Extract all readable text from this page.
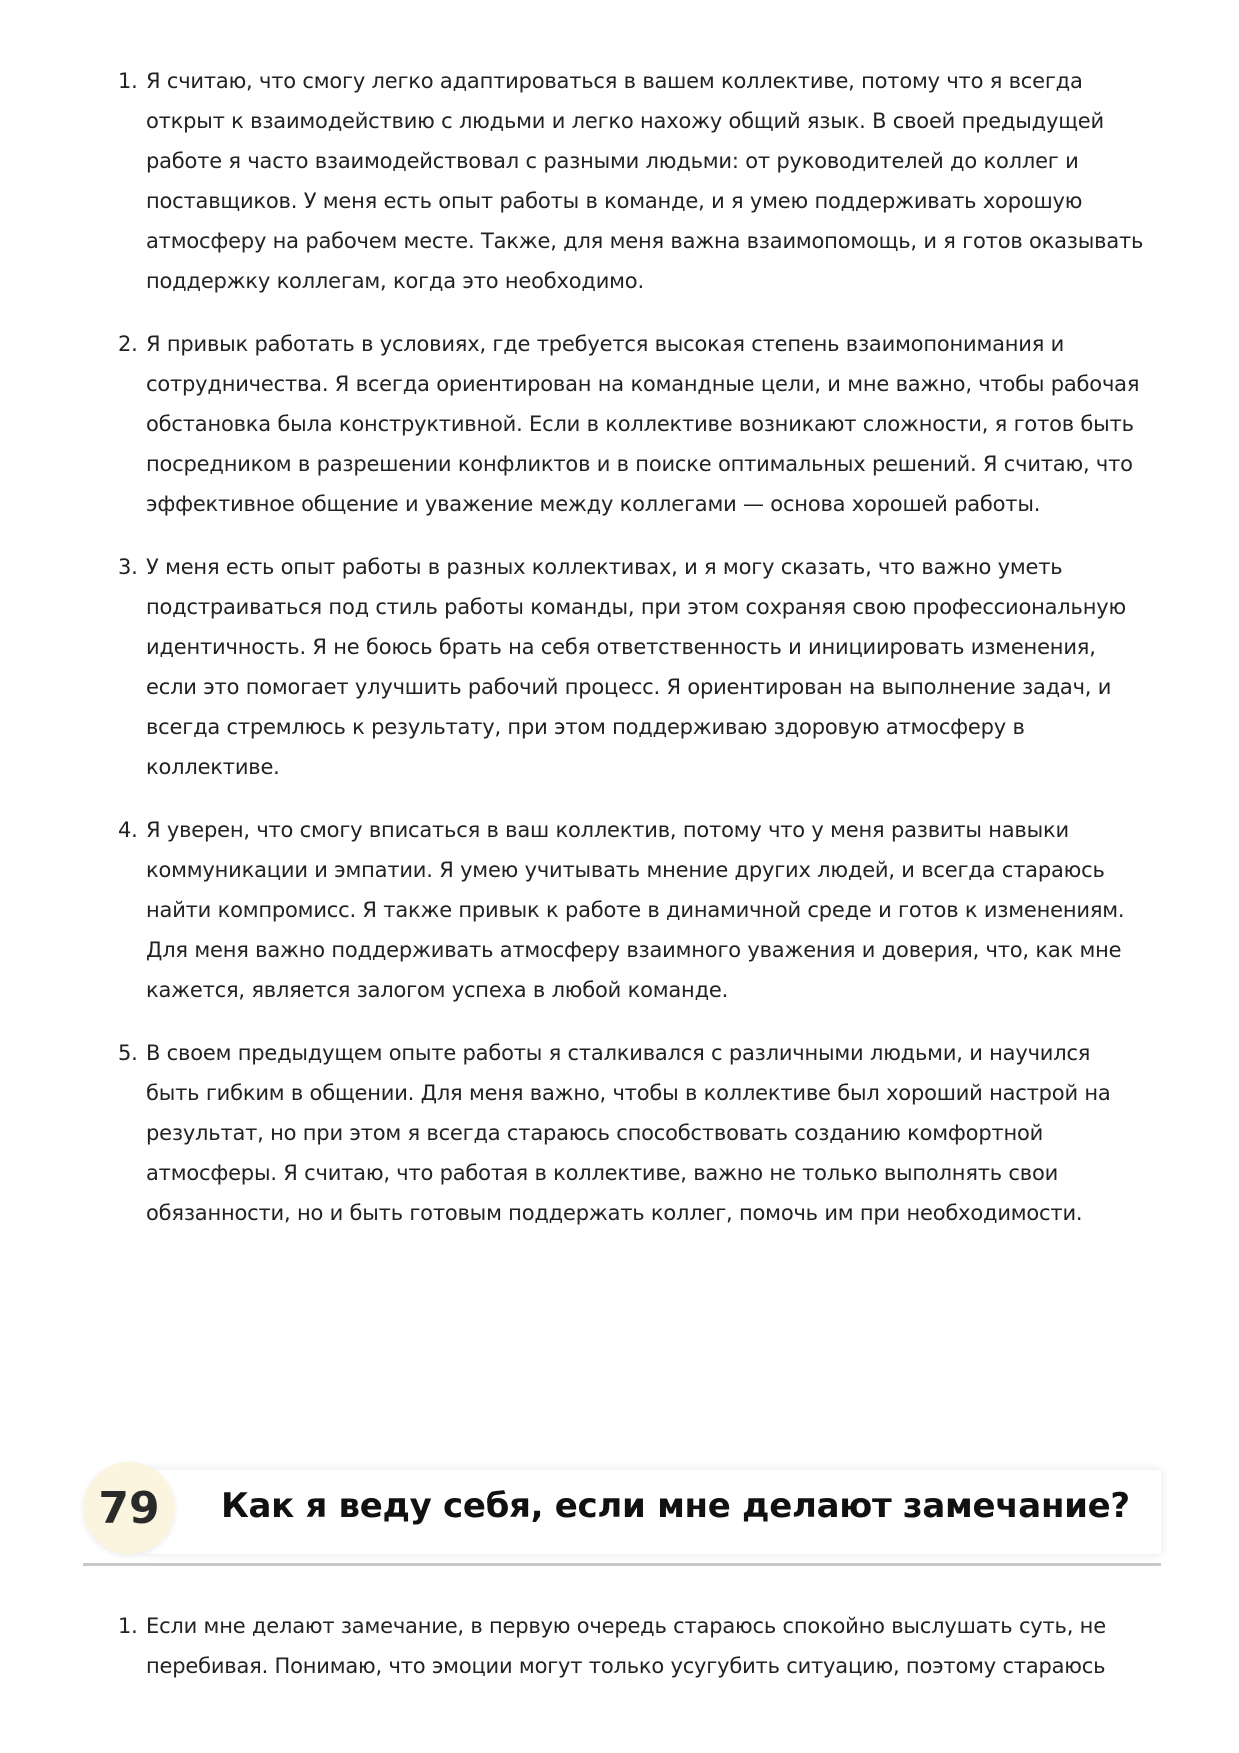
1. Я считаю, что смогу легко адаптироваться в вашем коллективе, потому что я всегда открыт к взаимодействию с людьми и легко нахожу общий язык. В своей предыдущей работе я часто взаимодействовал с разными людьми: от руководителей до коллег и поставщиков. У меня есть опыт работы в команде, и я умею поддерживать хорошую атмосферу на рабочем месте. Также, для меня важна взаимопомощь, и я готов оказывать поддержку коллегам, когда это необходимо.
2. Я привык работать в условиях, где требуется высокая степень взаимопонимания и сотрудничества. Я всегда ориентирован на командные цели, и мне важно, чтобы рабочая обстановка была конструктивной. Если в коллективе возникают сложности, я готов быть посредником в разрешении конфликтов и в поиске оптимальных решений. Я считаю, что эффективное общение и уважение между коллегами — основа хорошей работы.
3. У меня есть опыт работы в разных коллективах, и я могу сказать, что важно уметь подстраиваться под стиль работы команды, при этом сохраняя свою профессиональную идентичность. Я не боюсь брать на себя ответственность и инициировать изменения, если это помогает улучшить рабочий процесс. Я ориентирован на выполнение задач, и всегда стремлюсь к результату, при этом поддерживаю здоровую атмосферу в коллективе.
4. Я уверен, что смогу вписаться в ваш коллектив, потому что у меня развиты навыки коммуникации и эмпатии. Я умею учитывать мнение других людей, и всегда стараюсь найти компромисс. Я также привык к работе в динамичной среде и готов к изменениям. Для меня важно поддерживать атмосферу взаимного уважения и доверия, что, как мне кажется, является залогом успеха в любой команде.
5. В своем предыдущем опыте работы я сталкивался с различными людьми, и научился быть гибким в общении. Для меня важно, чтобы в коллективе был хороший настрой на результат, но при этом я всегда стараюсь способствовать созданию комфортной атмосферы. Я считаю, что работая в коллективе, важно не только выполнять свои обязанности, но и быть готовым поддержать коллег, помочь им при необходимости.
79	Как я веду себя, если мне делают замечание?
1. Если мне делают замечание, в первую очередь стараюсь спокойно выслушать суть, не перебивая. Понимаю, что эмоции могут только усугубить ситуацию, поэтому стараюсь
